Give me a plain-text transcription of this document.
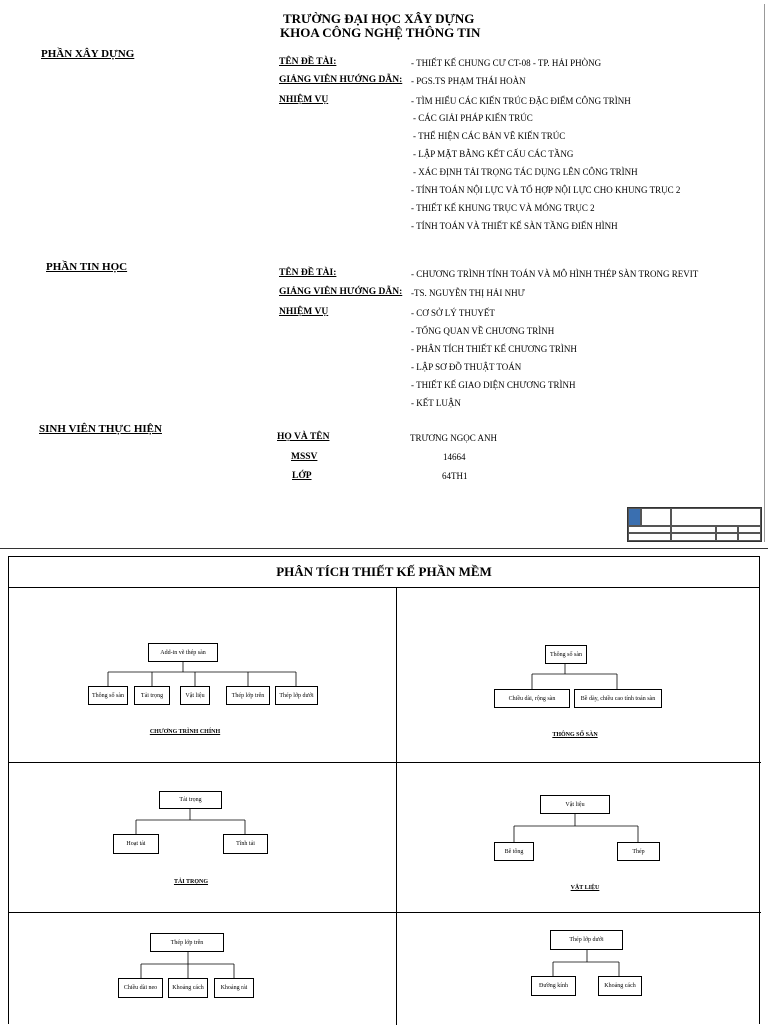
TRƯỜNG ĐẠI HỌC XÂY DỰNG
KHOA CÔNG NGHỆ THÔNG TIN
PHẦN XÂY DỰNG
TÊN ĐỀ TÀI:	- THIẾT KẾ CHUNG CƯ CT-08 - TP. HẢI PHÒNG
GIẢNG VIÊN HƯỚNG DẪN: - PGS.TS PHẠM THÁI HOÀN
NHIỆM VỤ	- TÌM HIỂU CÁC KIẾN TRÚC ĐẶC ĐIỂM CÔNG TRÌNH
- CÁC GIẢI PHÁP KIẾN TRÚC
- THỂ HIỆN CÁC BẢN VẼ KIẾN TRÚC
- LẬP MẶT BẰNG KẾT CẤU CÁC TẦNG
- XÁC ĐỊNH TẢI TRỌNG TÁC DỤNG LÊN CÔNG TRÌNH
- TÍNH TOÁN NỘI LỰC VÀ TỔ HỢP NỘI LỰC CHO KHUNG TRỤC 2
- THIẾT KẾ KHUNG TRỤC VÀ MÓNG TRỤC 2
- TÍNH TOÁN VÀ THIẾT KẾ SÀN TẦNG ĐIỂN HÌNH
PHẦN TIN HỌC	TÊN ĐỀ TÀI:	- CHƯƠNG TRÌNH TÍNH TOÁN VÀ MÔ HÌNH THÉP SÀN TRONG REVIT
GIẢNG VIÊN HƯỚNG DẪN: -TS. NGUYỄN THỊ HẢI NHƯ
NHIỆM VỤ	- CƠ SỞ LÝ THUYẾT
- TỔNG QUAN VỀ CHƯƠNG TRÌNH
- PHÂN TÍCH THIẾT KẾ CHƯƠNG TRÌNH
- LẬP SƠ ĐỒ THUẬT TOÁN
- THIẾT KẾ GIAO DIỆN CHƯƠNG TRÌNH
- KẾT LUẬN
SINH VIÊN THỰC HIỆN
HỌ VÀ TÊN	TRƯƠNG NGỌC ANH
MSSV	14664
LỚP	64TH1
PHÂN TÍCH THIẾT KẾ PHẦN MỀM
Add-in vẽ thép sàn
Thông số sàn	Tải trọng	Vật liệu	Thép lớp trên	Thép lớp dưới
CHƯƠNG TRÌNH CHÍNH
Thông số sàn
Chiều dài, rộng sàn	Bề dày, chiều cao tính toán sàn
THÔNG SỐ SÀN
Tải trọng
Hoạt tải	Tĩnh tải
TẢI TRỌNG
Vật liệu
Bê tông	Thép
VẬT LIỆU
Thép lớp trên
Chiều dài neo	Khoảng cách	Khoảng rải
Thép lớp dưới
Đường kính	Khoảng cách
